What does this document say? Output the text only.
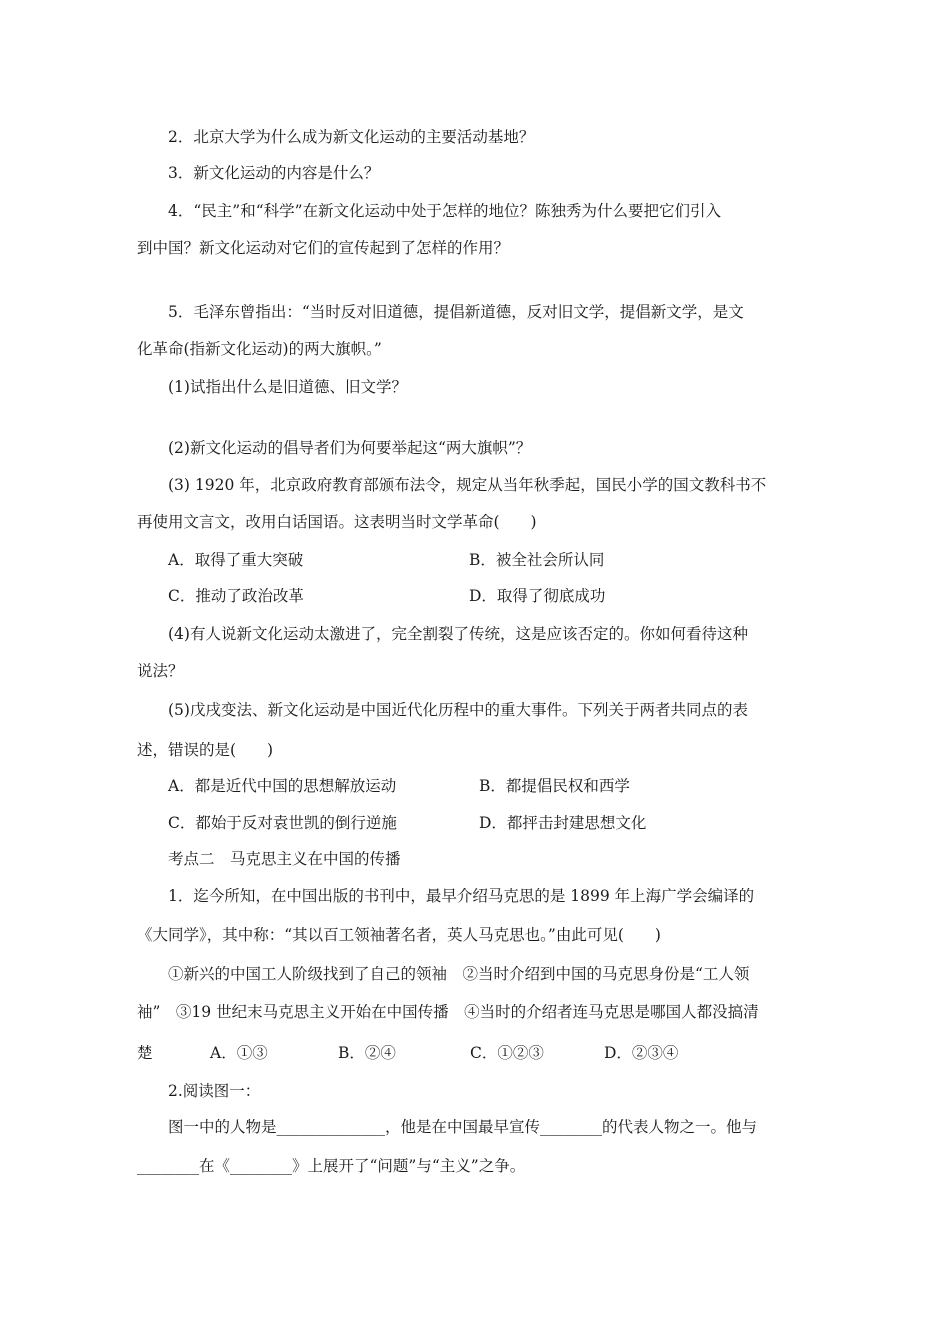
2．北京大学为什么成为新文化运动的主要活动基地？
3．新文化运动的内容是什么？
4．“民主”和“科学”在新文化运动中处于怎样的地位？陈独秀为什么要把它们引入
到中国？新文化运动对它们的宣传起到了怎样的作用？
5．毛泽东曾指出：“当时反对旧道德，提倡新道德，反对旧文学，提倡新文学，是文
化革命(指新文化运动)的两大旗帜。”
(1)试指出什么是旧道德、旧文学？
(2)新文化运动的倡导者们为何要举起这“两大旗帜”？
(3) 1920 年，北京政府教育部颁布法令，规定从当年秋季起，国民小学的国文教科书不
再使用文言文，改用白话国语。这表明当时文学革命(　　)
A．取得了重大突破	B．被全社会所认同
C．推动了政治改革	D．取得了彻底成功
(4)有人说新文化运动太激进了，完全割裂了传统，这是应该否定的。你如何看待这种
说法？
(5)戊戌变法、新文化运动是中国近代化历程中的重大事件。下列关于两者共同点的表
述，错误的是(　　)
A．都是近代中国的思想解放运动	B．都提倡民权和西学
C．都始于反对袁世凯的倒行逆施	D．都抨击封建思想文化
考点二　马克思主义在中国的传播
1．迄今所知，在中国出版的书刊中，最早介绍马克思的是 1899 年上海广学会编译的
《大同学》，其中称：“其以百工领袖著名者，英人马克思也。”由此可见(　　)
①新兴的中国工人阶级找到了自己的领袖　②当时介绍到中国的马克思身份是“工人领
袖”　③19 世纪末马克思主义开始在中国传播　④当时的介绍者连马克思是哪国人都没搞清
楚	A．①③	B．②④	C．①②③	D．②③④
2.阅读图一：
图一中的人物是______________，他是在中国最早宣传________的代表人物之一。他与
________在《________》上展开了“问题”与“主义”之争。
